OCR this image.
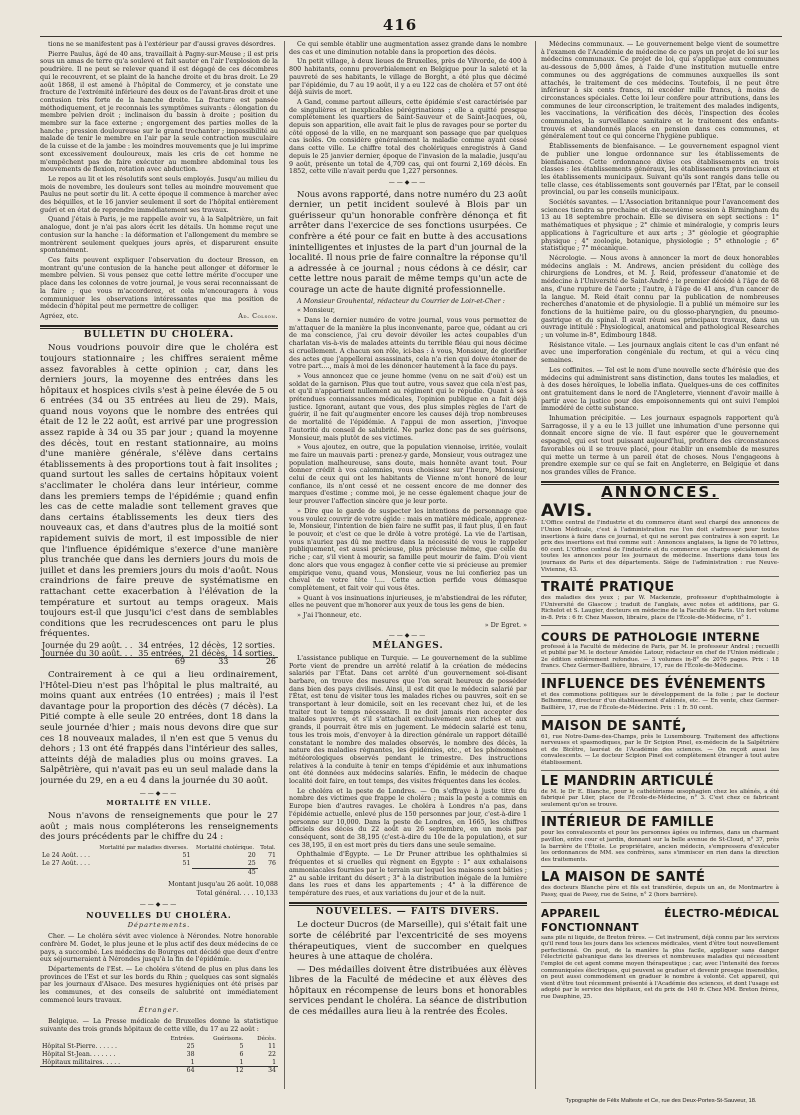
416

tions ne se manifestent pas à l'extérieur par d'aussi graves désordres.

Pierre Paulus, âgé de 40 ans, travaillait à Pagny-sur-Meuse ; il est pris sous un amas de terre qu'a soulevé et fait sauter en l'air l'explosion de la poudrière. Il ne peut se relever quand il est dégagé de ces décombres qui le recouvrent, et se plaint de la hanche droite et du bras droit. Le 29 août 1868, il est amené à l'hôpital de Commercy, et je constate une fracture de l'extrémité inférieure des deux os de l'avant-bras droit et une contusion très forte de la hanche droite. La fracture est pansée méthodiquement, et je reconnais les symptômes suivants : élongation du membre pelvien droit ; inclinaison du bassin à droite ; position du membre sur la face externe ; engorgement des parties molles de la hanche ; pression douloureuse sur le grand trochanter ; impossibilité au malade de tenir le membre en l'air par la seule contraction musculaire de la cuisse et de la jambe : les moindres mouvements que je lui imprime sont excessivement douloureux, mais les cris de cet homme ne m'empêchent pas de faire exécuter au membre abdominal tous les mouvements de flexion, rotation avec abduction.

Le repos au lit et les résolutifs sont seuls employés. Jusqu'au milieu du mois de novembre, les douleurs sont telles au moindre mouvement que Paulus ne peut sortir du lit. A cette époque il commence à marcher avec des béquilles, et le 16 janvier seulement il sort de l'hôpital entièrement guéri et en état de reprendre immédiatement ses travaux.

Quand j'étais à Paris, je me rappelle avoir vu, à la Salpêtrière, un fait analogue, dont je n'ai pas alors écrit les détails. Un homme reçut une contusion sur la hanche : la déformation et l'allongement du membre se montrèrent seulement quelques jours après, et disparurent ensuite spontanément.

Ces faits peuvent expliquer l'observation du docteur Bresson, en montrant qu'une contusion de la hanche peut allonger et déformer le membre pelvien. Si vous pensez que cette lettre mérite d'occuper une place dans les colonnes de votre journal, je vous serai reconnaissant de la faire ; que vous m'accorderez, et cela m'encouragera à vous communiquer les observations intéressantes que ma position de médecin d'hôpital peut me permettre de colliger.

Agréez, etc.	Ad. Colson.

BULLETIN DU CHOLÉRA.

Nous voudrions pouvoir dire que le choléra est toujours stationnaire ; les chiffres seraient même assez favorables à cette opinion ; car, dans les derniers jours, la moyenne des entrées dans les hôpitaux et hospices civils s'est à peine élevée de 5 ou 6 entrées (34 ou 35 entrées au lieu de 29). Mais, quand nous voyons que le nombre des entrées qui était de 12 le 22 août, est arrivé par une progression assez rapide à 34 ou 35 par jour ; quand la moyenne des décès, tout en restant stationnaire, au moins d'une manière générale, s'élève dans certains établissements à des proportions tout à fait insolites ; quand surtout les salles de certains hôpitaux voient s'acclimater le choléra dans leur intérieur, comme dans les premiers temps de l'épidémie ; quand enfin les cas de cette maladie sont tellement graves que dans certains établissements les deux tiers des nouveaux cas, et dans d'autres plus de la moitié sont rapidement suivis de mort, il est impossible de nier que l'influence épidémique s'exerce d'une manière plus tranchée que dans les derniers jours du mois de juillet et dans les premiers jours du mois d'août. Nous craindrions de faire preuve de systématisme en rattachant cette exacerbation à l'élévation de la température et surtout au temps orageux. Mais toujours est-il que jusqu'ici c'est dans de semblables conditions que les recrudescences ont paru le plus fréquentes.

Journée du 29 août. . .	34 entrées,	12 décès,	12 sorties.
Journée du 30 août. . .	35 entrées,	21 décès,	14 sorties.
	69	33	26

Contrairement à ce qui a lieu ordinairement, l'Hôtel-Dieu n'est pas l'hôpital le plus maltraité, au moins quant aux entrées (10 entrées) ; mais il l'est davantage pour la proportion des décès (7 décès). La Pitié compte à elle seule 20 entrées, dont 18 dans la seule journée d'hier ; mais nous devons dire que sur ces 18 nouveaux malades, il n'en est que 5 venus du dehors ; 13 ont été frappés dans l'intérieur des salles, atteints déjà de maladies plus ou moins graves. La Salpêtrière, qui n'avait pas eu un seul malade dans la journée du 29, en a eu 4 dans la journée du 30 août.

——◆——
MORTALITÉ EN VILLE.

Nous n'avons de renseignements que pour le 27 août ; mais nous compléterons les renseignements des jours précédents par le chiffre du 24 :

	Mortalité par maladies diverses.	Mortalité cholérique.	Total.
Le 24 Août. . . .	51	20	71
Le 27 Août. . . .	51	25	76
		45	

Montant jusqu'au 26 août. 10,088

Total général. . . . 10,133

——◆——
NOUVELLES DU CHOLÉRA.
Départements.

Cher. — Le choléra sévit avec violence à Nérondes. Notre honorable confrère M. Godet, le plus jeune et le plus actif des deux médecins de ce pays, a succombé. Les médecins de Bourges ont décidé que deux d'entre eux séjourneraient à Nérondes jusqu'à la fin de l'épidémie.

Départements de l'Est. — Le choléra s'étend de plus en plus dans les provinces de l'Est et sur les bords du Rhin ; quelques cas sont signalés par les journaux d'Alsace. Des mesures hygiéniques ont été prises par les communes, et des conseils de salubrité ont immédiatement commencé leurs travaux.

Étranger.

Belgique. — La Presse médicale de Bruxelles donne la statistique suivante des trois grands hôpitaux de cette ville, du 17 au 22 août :

	Entrées.	Guérisons.	Décès.
Hôpital St-Pierre. . . . . .	25	5	11
Hôpital St-Jean. . . . . . .	38	6	22
Hôpitaux militaires. . . . .	1	1	1
	64	12	34

Ce qui semble établir une augmentation assez grande dans le nombre des cas et une diminution notable dans la proportion des décès.

Un petit village, à deux lieues de Bruxelles, près de Vilvorde, de 400 à 800 habitants, connu proverbialement en Belgique pour la saleté et la pauvreté de ses habitants, le village de Borght, a été plus que décimé par l'épidémie, du 7 au 19 août, il y a eu 122 cas de choléra et 57 ont été déjà suivis de mort.

A Gand, comme partout ailleurs, cette épidémie s'est caractérisée par de singulières et inexplicables pérégrinations ; elle a quitté presque complètement les quartiers de Saint-Sauveur et de Saint-Jacques, où, depuis son apparition, elle avait fait le plus de ravages pour se porter du côté opposé de la ville, en ne marquant son passage que par quelques cas isolés. On considère généralement la maladie comme ayant cessé dans cette ville. Le chiffre total des cholériques enregistrés à Gand depuis le 25 janvier dernier, époque de l'invasion de la maladie, jusqu'au 9 août, présente un total de 4,709 cas, qui ont fourni 2,169 décès. En 1852, cette ville n'avait perdu que 1,227 personnes.

——◆——

Nous avons rapporté, dans notre numéro du 23 août dernier, un petit incident soulevé à Blois par un guérisseur qu'un honorable confrère dénonça et fit arrêter dans l'exercice de ses fonctions usurpées. Ce confrère a été pour ce fait en butte à des accusations inintelligentes et injustes de la part d'un journal de la localité. Il nous prie de faire connaître la réponse qu'il a adressée à ce journal ; nous cédons à ce désir, car cette lettre nous parait de même temps qu'un acte de courage un acte de haute dignité professionnelle.

A Monsieur Grouhental, rédacteur du Courrier de Loir-et-Cher :

« Monsieur,

» Dans le dernier numéro de votre journal, vous vous permettez de m'attaquer de la manière la plus inconvenante, parce que, cédant au cri de ma conscience, j'ai cru devoir dévoiler les actes coupables d'un charlatan vis-à-vis de malades atteints du terrible fléau qui nous décime si cruellement. A chacun son rôle, ici-bas : à vous, Monsieur, de glorifier des actes que j'appellerai assassinats, cela n'a rien qui doive étonner de votre part...., mais à moi de les dénoncer hautement à la face du pays.

» Vous annoncez que ce jeune homme (venu on ne sait d'où) est un soldat de la garnison. Plus que tout autre, vous savez que cela n'est pas, et qu'il n'appartient nullement au régiment qui le répudie. Quant à ses prétendues connaissances médicales, l'opinion publique en a fait déjà justice. Ignorant, autant que vous, des plus simples règles de l'art de guérir, il ne fait qu'augmenter encore les causes déjà trop nombreuses de mortalité de l'épidémie. A l'appui de mon assertion, j'invoque l'autorité du conseil de salubrité. Ne parlez donc pas de ses guérisons, Monsieur, mais plutôt de ses victimes.

» Vous ajoutez, en outre, que la population viennoise, irritée, voulait me faire un mauvais parti : prenez-y garde, Monsieur, vous outragez une population malheureuse, sans doute, mais honnête avant tout. Pour donner crédit à vos calomnies, vous choisissez sur l'heure, Monsieur, celui de ceux qui ont les habitants de Vienne m'ont honoré de leur confiance, ils n'ont cessé et ne cessent encore de me donner des marques d'estime ; comme moi, je ne cesse également chaque jour de leur prouver l'affection sincère que je leur porte.

» Dire que le garde de suspecter les intentions de personnage que vous voulez couvrir de votre égide : mais en matière médicale, apprenez-le, Monsieur, l'intention de bien faire ne suffit pas, il faut plus, il en faut le pouvoir, et c'est ce que le drôle à votre protégé. La vie de l'artisan, vous n'auriez pas dû me mettre dans la nécessité de vous le rappeler publiquement, est aussi précieuse, plus précieuse même, que celle du riche ; car, s'il vient à mourir, sa famille peut mourir de faim. D'où vient donc alors que vous engagez à confier cette vie si précieuse au premier empirique venu, quand vous, Monsieur, vous ne lui confieriez pas un cheval de votre tête !.... Cette action perfide vous démasque complètement, et fait voir qui vous êtes.

» Quant à vos insinuations injurieuses, je m'abstiendrai de les réfuter, elles ne peuvent que m'honorer aux yeux de tous les gens de bien.

» J'ai l'honneur, etc.

» Dr Egret. »

——◆——
MÉLANGES.

L'assistance publique en Turquie. — Le gouvernement de la sublime Porte vient de prendre un arrêté relatif à la création de médecins salariés par l'État. Dans cet arrêté d'un gouvernement soi-disant barbare, on trouve des mesures que l'on serait heureux de posséder dans bien des pays civilisés. Ainsi, il est dit que le médecin salarié par l'État, est tenu de visiter tous les malades riches ou pauvres, soit en se transportant à leur domicile, soit en les recevant chez lui, et de les traiter tout le temps nécessaire. Il ne doit jamais rien accepter des malades pauvres, et s'il s'attachait exclusivement aux riches et aux grands, il pourrait être mis en jugement. Le médecin salarié est tenu, tous les trois mois, d'envoyer à la direction générale un rapport détaillé constatant le nombre des malades observés, le nombre des décès, la nature des maladies régnantes, les épidémies, etc., et les phénomènes météorologiques observés pendant le trimestre. Des instructions relatives à la conduite à tenir en temps d'épidémie et aux inhumations ont été données aux médecins salariés. Enfin, le médecin de chaque localité doit faire, en tout temps, des visites fréquentes dans les écoles.

Le choléra et la peste de Londres. — On s'effraye à juste titre du nombre des victimes que frappe le choléra ; mais la peste a commis en Europe bien d'autres ravages. Le choléra à Londres n'a pas, dans l'épidémie actuelle, enlevé plus de 150 personnes par jour, c'est-à-dire 1 personne sur 10,000. Dans la peste de Londres, en 1665, les chiffres officiels des décès du 22 août au 26 septembre, en un mois par conséquent, sont de 38,195 (c'est-à-dire du 10e de la population), et sur ces 38,195, il en est mort près du tiers dans une seule semaine.

Ophthalmie d'Égypte. — Le Dr Pruner attribue les ophthalmies si fréquentes et si cruelles qui règnent en Égypte : 1° aux exhalaisons ammoniacales fournies par le terrain sur lequel les maisons sont bâties ; 2° au sable irritant du désert ; 3° à la distribution inégale de la lumière dans les rues et dans les appartements ; 4° à la différence de température des rues, et aux variations du jour et de la nuit.

NOUVELLES. — FAITS DIVERS.

Le docteur Ducros (de Marseille), qui s'était fait une sorte de célébrité par l'excentricité de ses moyens thérapeutiques, vient de succomber en quelques heures à une attaque de choléra.

— Des médailles doivent être distribuées aux élèves libres de la Faculté de médecine et aux élèves des hôpitaux en récompense de leurs bons et honorables services pendant le choléra. La séance de distribution de ces médailles aura lieu à la rentrée des Écoles.

Médecins communaux. — Le gouvernement belge vient de soumettre à l'examen de l'Académie de médecine de ce pays un projet de loi sur les médecins communaux. Ce projet de loi, qui s'applique aux communes au-dessous de 5,000 âmes, à l'aide d'une institution mutuelle entre communes ou des aggrégations de communes auxquelles ils sont attachés, le traitement de ces médecins. Toutefois, il ne peut être inférieur à six cents francs, ni excéder mille francs, à moins de circonstances spéciales. Cette loi leur confère pour attributions, dans les communes de leur circonscription, le traitement des malades indigents, les vaccinations, la vérification des décès, l'inspection des écoles communales, la surveillance sanitaire et le traitement des enfants-trouvés et abandonnés placés en pension dans ces communes, et généralement tout ce qui concerne l'hygiène publique.

Établissements de bienfaisance. — Le gouvernement espagnol vient de publier une longue ordonnance sur les établissements de bienfaisance. Cette ordonnance divise ces établissements en trois classes : les établissements généraux, les établissements provinciaux et les établissements municipaux. Suivant qu'ils sont rangés dans telle ou telle classe, ces établissements sont gouvernés par l'État, par le conseil provincial, ou par les conseils municipaux.

Sociétés savantes. — L'Association britannique pour l'avancement des sciences tiendra sa prochaine et dix-neuvième session à Birmingham du 13 au 18 septembre prochain. Elle se divisera en sept sections : 1° mathématiques et physique ; 2° chimie et minéralogie, y compris leurs applications à l'agriculture et aux arts ; 3° géologie et géographie physique ; 4° zoologie, botanique, physiologie ; 5° ethnologie ; 6° statistique ; 7° mécanique.

Nécrologie. — Nous avons à annoncer la mort de deux honorables médecins anglais : M. Andrews, ancien président du collège des chirurgiens de Londres, et M. J. Reid, professeur d'anatomie et de médecine à l'Université de Saint-André ; le premier décédé à l'âge de 68 ans, d'une rupture de l'aorte ; l'autre, à l'âge de 41 ans, d'un cancer de la langue. M. Reid était connu par la publication de nombreuses recherches d'anatomie et de physiologie. Il a publié un mémoire sur les fonctions de la huitième paire, ou du glosso-pharyngien, du pneumo-gastrique et du spinal. Il avait réuni ses principaux travaux, dans un ouvrage intitulé : Physiological, anatomical and pathological Researches ; un volume in-8°, Edimbourg 1848.

Résistance vitale. — Les journaux anglais citent le cas d'un enfant né avec une imperforation congéniale du rectum, et qui a vécu cinq semaines.

Les coffinites. — Tel est le nom d'une nouvelle secte d'hérésie que des médecins qui administrent sans distinction, dans toutes les maladies, et à des doses héroïques, le lobelia inflata. Quelques-uns de ces coffinites ont gratuitement dans le nord de l'Angleterre, viennent d'avoir maille à partir avec la justice pour des empoisonnements qui ont suivi l'emploi immodéré de cette substance.

Inhumation précipitée. — Les journaux espagnols rapportent qu'à Sarragosse, il y a eu le 13 juillet une inhumation d'une personne qui donnait encore signe de vie. Il faut espérer que le gouvernement espagnol, qui est tout puissant aujourd'hui, profitera des circonstances favorables où il se trouve placé, pour établir un ensemble de mesures qui mette un terme à un pareil état de choses. Nous l'engageons à prendre exemple sur ce qui se fait en Angleterre, en Belgique et dans nos grandes villes de France.

ANNONCES.
AVIS.

L'Office central de l'industrie et du commerce étant seul chargé des annonces de l'Union Médicale, c'est à l'administration rue l'on doit s'adresser pour toutes insertions à faire dans ce journal, et qui ne seront pas contraires à son esprit. Le prix des insertions est fixé comme suit : Annonces anglaises, la ligne de 70 lettres, 60 cent. L'Office central de l'industrie et du commerce se charge spécialement de toutes les annonces pour les journaux de médecine. Insertions dans tous les journaux de Paris et des départements. Siége de l'administration : rue Neuve-Vivienne, 43.

TRAITÉ PRATIQUE

des maladies des yeux ; par W. Mackenzie, professeur d'ophthalmologie à l'Université de Glascow ; traduit de l'anglais, avec notes et additions, par G. Richelot et S. Laugier, docteurs en médecine de la Faculté de Paris. Un fort volume in-8. Prix : 6 fr. Chez Masson, libraire, place de l'École-de-Médecine, n° 1.

COURS DE PATHOLOGIE INTERNE

professé à la Faculté de médecine de Paris, par M. le professeur Andral ; recueilli et publié par M. le docteur Amédée Latour, rédacteur en chef de l'Union médicale ; 2e édition entièrement refondue. — 3 volumes in-8° de 2076 pages. Prix : 18 francs. Chez Germer-Baillière, libraire, 17, rue de l'École-de-Médecine.

INFLUENCE DES ÉVÉNEMENTS

et des commotions politiques sur le développement de la folie ; par le docteur Belhomme, directeur d'un établissement d'aliénés, etc. — En vente, chez Germer-Baillière, 17, rue de l'École-de-Médecine. Prix : 1 fr. 50 cent.

MAISON DE SANTÉ,

61, rue Notre-Dame-des-Champs, près le Luxembourg. Traitement des affections nerveuses et spasmodiques, par le Dr Scipion Pinel, ex-médecin de la Salpêtrière et de Bicêtre, lauréat de l'Académie des sciences. — On reçoit aussi les convalescents. — Le docteur Scipion Pinel est complètement étranger à tout autre établissement.

LE MANDRIN ARTICULÉ

de M. le Dr E. Blanche, pour le cathétérisme œsophagien chez les aliénés, a été fabriqué par Lüer, place de l'École-de-Médecine, n° 3. C'est chez ce fabricant seulement qu'on se trouve.

INTÉRIEUR DE FAMILLE

pour les convalescents et pour les personnes âgées ou infirmes, dans un charmant pavillon, entre cour et jardin, donnant sur la belle avenue de St-Cloud, n° 37, près la barrière de l'Étoile. Le propriétaire, ancien médecin, s'empressera d'exécuter les ordonnances de MM. ses confrères, sans s'immiscer en rien dans la direction des traitements.

LA MAISON DE SANTÉ

des docteurs Blanche père et fils est transférée, depuis un an, de Montmartre à Passy, quai de Passy, rue de Seine, n° 2 (hors barrière).

APPAREIL ÉLECTRO-MÉDICAL FONCTIONNANT

sans pile ni liquide, de Breton frères. — Cet instrument, déjà connu par les services qu'il rend tous les jours dans les sciences médicales, vient d'être tout nouvellement perfectionné. On peut, de la manière la plus facile, appliquer sans danger l'électricité galvanique dans les diverses et nombreuses maladies qui nécessitent l'emploi de cet agent comme moyen thérapeutique ; car, avec l'intensité des forces communiquées électriques, qui peuvent se graduer et devenir presque insensibles, on peut aussi commodément en graduer le nombre à volonté. Cet appareil, qui vient d'être tout récemment présenté à l'Académie des sciences, et dont l'usage est adopté par le service des hôpitaux, est du prix de 140 fr. Chez MM. Breton frères, rue Dauphine, 25.

Typographie de Félix Malteste et Ce, rue des Deux-Portes-St-Sauveur, 18.
